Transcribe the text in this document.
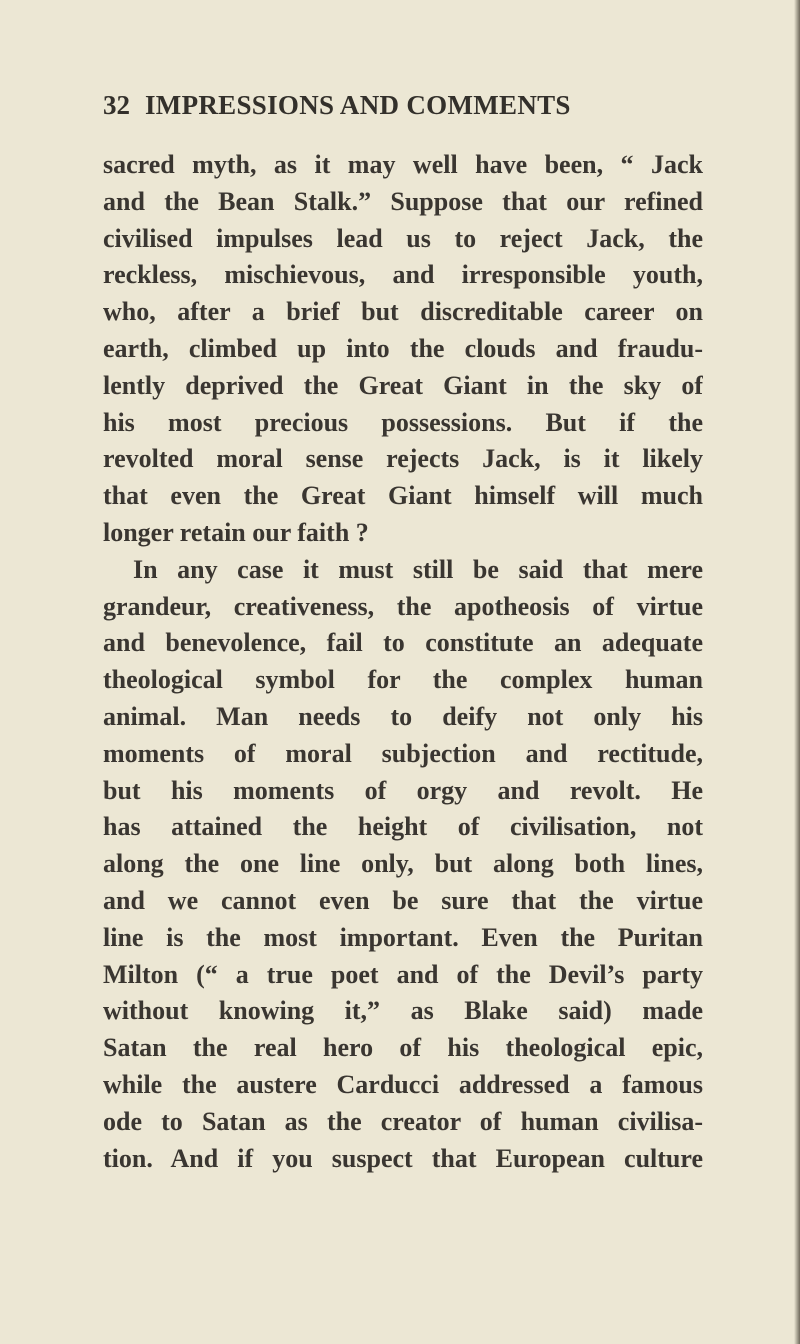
32 IMPRESSIONS AND COMMENTS
sacred myth, as it may well have been, “ Jack
and the Bean Stalk.” Suppose that our refined
civilised impulses lead us to reject Jack, the
reckless, mischievous, and irresponsible youth,
who, after a brief but discreditable career on
earth, climbed up into the clouds and fraudu-
lently deprived the Great Giant in the sky of
his most precious possessions. But if the
revolted moral sense rejects Jack, is it likely
that even the Great Giant himself will much
longer retain our faith ?
In any case it must still be said that mere
grandeur, creativeness, the apotheosis of virtue
and benevolence, fail to constitute an adequate
theological symbol for the complex human
animal. Man needs to deify not only his
moments of moral subjection and rectitude,
but his moments of orgy and revolt. He
has attained the height of civilisation, not
along the one line only, but along both lines,
and we cannot even be sure that the virtue
line is the most important. Even the Puritan
Milton (“ a true poet and of the Devil’s party
without knowing it,” as Blake said) made
Satan the real hero of his theological epic,
while the austere Carducci addressed a famous
ode to Satan as the creator of human civilisa-
tion. And if you suspect that European culture
